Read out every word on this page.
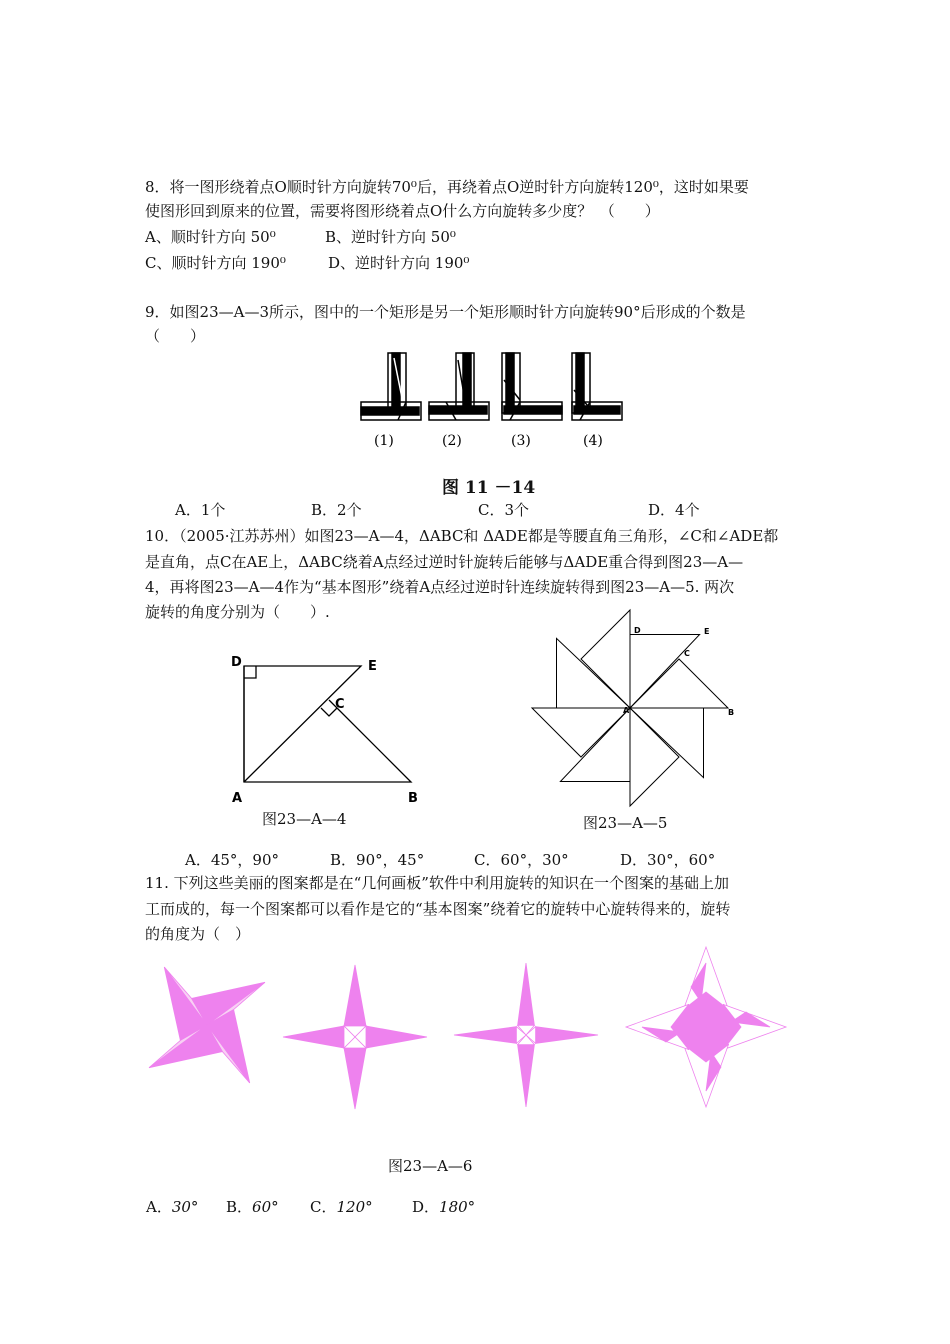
8．将一图形绕着点O顺时针方向旋转70⁰后，再绕着点O逆时针方向旋转120⁰，这时如果要
使图形回到原来的位置，需要将图形绕着点O什么方向旋转多少度？　（　　）
A、顺时针方向 50⁰	B、逆时针方向 50⁰
C、顺时针方向 190⁰	D、逆时针方向 190⁰
9．如图23—A—3所示，图中的一个矩形是另一个矩形顺时针方向旋转90°后形成的个数是
（　　）
(1)	(2)	(3)	(4)
图 11 －14
A．1个	B．2个	C．3个	D．4个
10．（2005·江苏苏州）如图23—A—4，ΔABC和 ΔADE都是等腰直角三角形，∠C和∠ADE都
是直角，点C在AE上，ΔABC绕着A点经过逆时针旋转后能够与ΔADE重合得到图23—A—
4，再将图23—A—4作为“基本图形”绕着A点经过逆时针连续旋转得到图23—A—5. 两次
旋转的角度分别为（　　）.
D	E
C
A	B
图23—A—4
D	E
C
A	B
图23—A—5
A．45°，90°	B．90°，45°	C．60°，30°	D．30°，60°
11. 下列这些美丽的图案都是在“几何画板”软件中利用旋转的知识在一个图案的基础上加
工而成的，每一个图案都可以看作是它的“基本图案”绕着它的旋转中心旋转得来的，旋转
的角度为（　）
图23—A—6
A．30° B．60° C．120°	D．180°
